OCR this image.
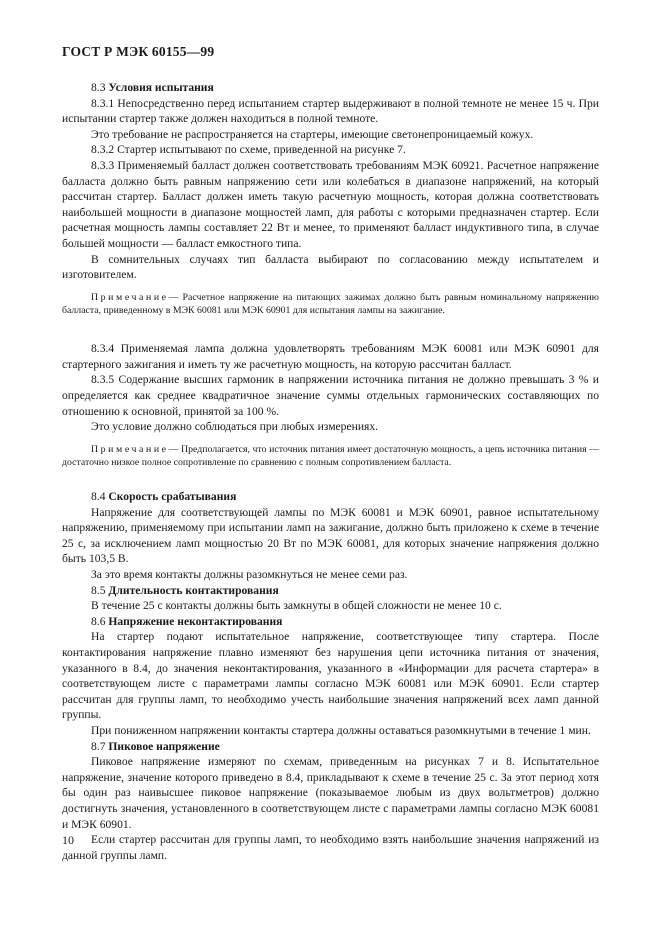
ГОСТ Р МЭК 60155—99

8.3 Условия испытания

8.3.1 Непосредственно перед испытанием стартер выдерживают в полной темноте не менее 15 ч. При испытании стартер также должен находиться в полной темноте.

Это требование не распространяется на стартеры, имеющие светонепроницаемый кожух.

8.3.2 Стартер испытывают по схеме, приведенной на рисунке 7.

8.3.3 Применяемый балласт должен соответствовать требованиям МЭК 60921. Расчетное напряжение балласта должно быть равным напряжению сети или колебаться в диапазоне напряжений, на который рассчитан стартер. Балласт должен иметь такую расчетную мощность, которая должна соответствовать наибольшей мощности в диапазоне мощностей ламп, для работы с которыми предназначен стартер. Если расчетная мощность лампы составляет 22 Вт и менее, то применяют балласт индуктивного типа, в случае большей мощности — балласт емкостного типа.

В сомнительных случаях тип балласта выбирают по согласованию между испытателем и изготовителем.

Примечание— Расчетное напряжение на питающих зажимах должно быть равным номинальному напряжению балласта, приведенному в МЭК 60081 или МЭК 60901 для испытания лампы на зажигание.

8.3.4 Применяемая лампа должна удовлетворять требованиям МЭК 60081 или МЭК 60901 для стартерного зажигания и иметь ту же расчетную мощность, на которую рассчитан балласт.

8.3.5 Содержание высших гармоник в напряжении источника питания не должно превышать 3 % и определяется как среднее квадратичное значение суммы отдельных гармонических составляющих по отношению к основной, принятой за 100 %.

Это условие должно соблюдаться при любых измерениях.

Примечание— Предполагается, что источник питания имеет достаточную мощность, а цепь источника питания — достаточно низкое полное сопротивление по сравнению с полным сопротивлением балласта.

8.4 Скорость срабатывания

Напряжение для соответствующей лампы по МЭК 60081 и МЭК 60901, равное испытательному напряжению, применяемому при испытании ламп на зажигание, должно быть приложено к схеме в течение 25 с, за исключением ламп мощностью 20 Вт по МЭК 60081, для которых значение напряжения должно быть 103,5 В.

За это время контакты должны разомкнуться не менее семи раз.

8.5 Длительность контактирования

В течение 25 с контакты должны быть замкнуты в общей сложности не менее 10 с.

8.6 Напряжение неконтактирования

На стартер подают испытательное напряжение, соответствующее типу стартера. После контактирования напряжение плавно изменяют без нарушения цепи источника питания от значения, указанного в 8.4, до значения неконтактирования, указанного в «Информации для расчета стартера» в соответствующем листе с параметрами лампы согласно МЭК 60081 или МЭК 60901. Если стартер рассчитан для группы ламп, то необходимо учесть наибольшие значения напряжений всех ламп данной группы.

При пониженном напряжении контакты стартера должны оставаться разомкнутыми в течение 1 мин.

8.7 Пиковое напряжение

Пиковое напряжение измеряют по схемам, приведенным на рисунках 7 и 8. Испытательное напряжение, значение которого приведено в 8.4, прикладывают к схеме в течение 25 с. За этот период хотя бы один раз наивысшее пиковое напряжение (показываемое любым из двух вольтметров) должно достигнуть значения, установленного в соответствующем листе с параметрами лампы согласно МЭК 60081 и МЭК 60901.

Если стартер рассчитан для группы ламп, то необходимо взять наибольшие значения напряжений из данной группы ламп.

10
